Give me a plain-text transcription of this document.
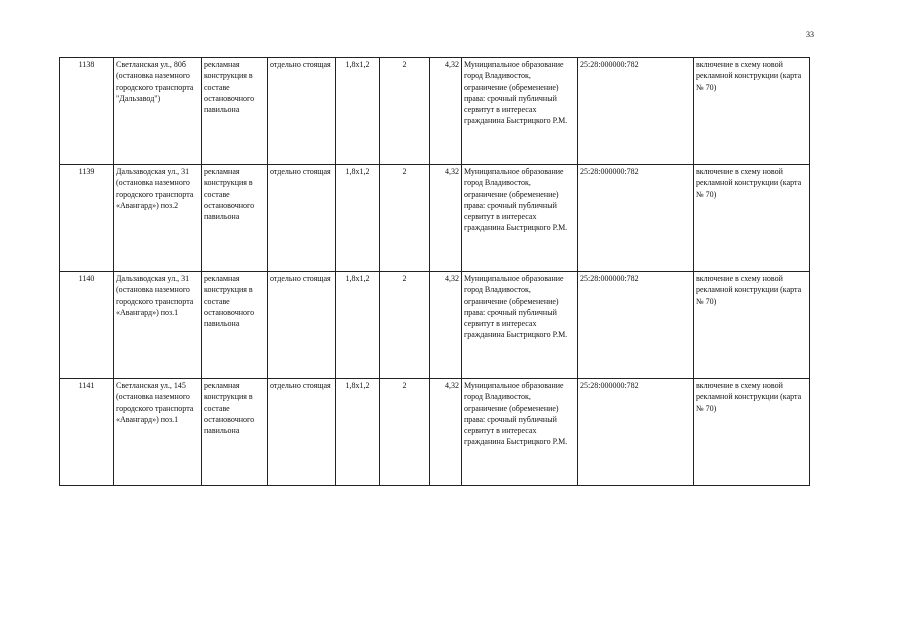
33
1138	Светланская ул., 80б (остановка наземного городского транспорта "Дальзавод")	рекламная конструкция в составе остановочного павильона	отдельно стоящая	1,8x1,2	2	4,32	Муниципальное образование город Владивосток, ограничение (обременение) права: срочный публичный сервитут в интересах гражданина Быстрицкого Р.М.	25:28:000000:782	включение в схему новой рекламной конструкции (карта № 70)
1139	Дальзаводская ул., 31 (остановка наземного городского транспорта «Авангард») поз.2	рекламная конструкция в составе остановочного павильона	отдельно стоящая	1,8x1,2	2	4,32	Муниципальное образование город Владивосток, ограничение (обременение) права: срочный публичный сервитут в интересах гражданина Быстрицкого Р.М.	25:28:000000:782	включение в схему новой рекламной конструкции (карта № 70)
1140	Дальзаводская ул., 31 (остановка наземного городского транспорта «Авангард») поз.1	рекламная конструкция в составе остановочного павильона	отдельно стоящая	1,8x1,2	2	4,32	Муниципальное образование город Владивосток, ограничение (обременение) права: срочный публичный сервитут в интересах гражданина Быстрицкого Р.М.	25:28:000000:782	включение в схему новой рекламной конструкции (карта № 70)
1141	Светланская ул., 145 (остановка наземного городского транспорта «Авангард») поз.1	рекламная конструкция в составе остановочного павильона	отдельно стоящая	1,8x1,2	2	4,32	Муниципальное образование город Владивосток, ограничение (обременение) права: срочный публичный сервитут в интересах гражданина Быстрицкого Р.М.	25:28:000000:782	включение в схему новой рекламной конструкции (карта № 70)
